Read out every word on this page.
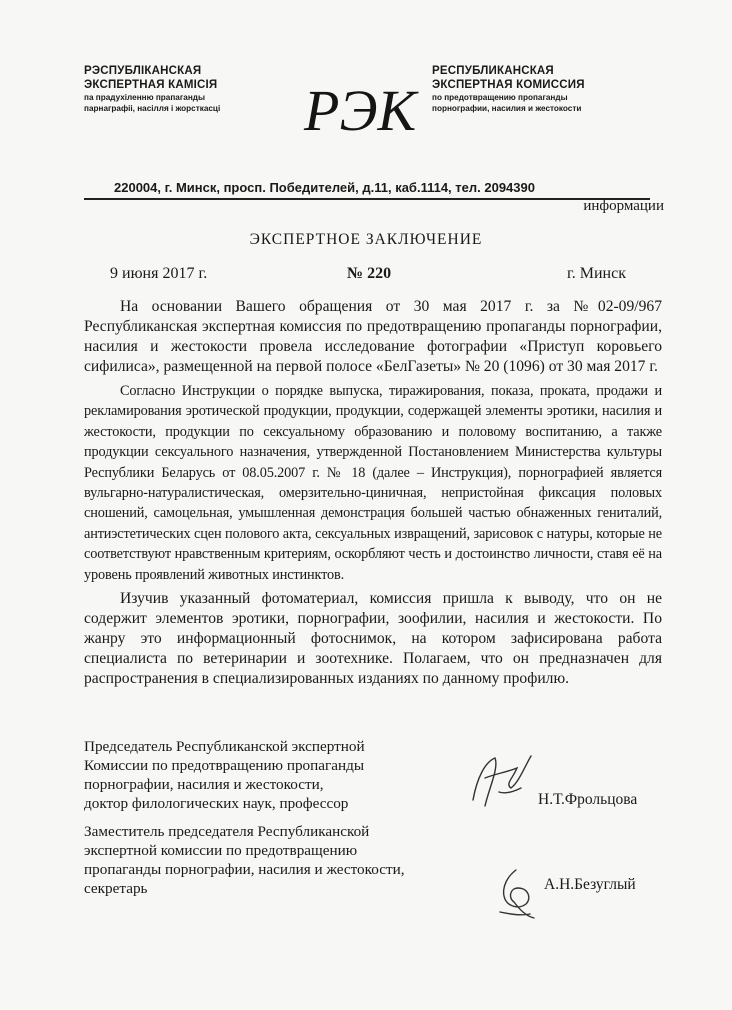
РЭСПУБЛІКАНСКАЯ
ЭКСПЕРТНАЯ КАМІСІЯ
па прадухіленню прапаганды
парнаграфіі, насілля і жорсткасці	РЭК
РЕСПУБЛИКАНСКАЯ
ЭКСПЕРТНАЯ КОМИССИЯ
по предотвращению пропаганды
порнографии, насилия и жестокости
220004, г. Минск, просп. Победителей, д.11, каб.1114, тел. 2094390
информации
ЭКСПЕРТНОЕ ЗАКЛЮЧЕНИЕ
9 июня 2017 г.	№ 220	г. Минск

На основании Вашего обращения от 30 мая 2017 г. за №02-09/967 Республиканская экспертная комиссия по предотвращению пропаганды порнографии, насилия и жестокости провела исследование фотографии «Приступ коровьего сифилиса», размещенной на первой полосе «БелГазеты» № 20 (1096) от 30 мая 2017 г.

Согласно Инструкции о порядке выпуска, тиражирования, показа, проката, продажи и рекламирования эротической продукции, продукции, содержащей элементы эротики, насилия и жестокости, продукции по сексуальному образованию и половому воспитанию, а также продукции сексуального назначения, утвержденной Постановлением Министерства культуры Республики Беларусь от 08.05.2007 г. № 18 (далее – Инструкция), порнографией является вульгарно-натуралистическая, омерзительно-циничная, непристойная фиксация половых сношений, самоцельная, умышленная демонстрация большей частью обнаженных гениталий, антиэстетических сцен полового акта, сексуальных извращений, зарисовок с натуры, которые не соответствуют нравственным критериям, оскорбляют честь и достоинство личности, ставя её на уровень проявлений животных инстинктов.

Изучив указанный фотоматериал, комиссия пришла к выводу, что он не содержит элементов эротики, порнографии, зоофилии, насилия и жестокости. По жанру это информационный фотоснимок, на котором зафисирована работа специалиста по ветеринарии и зоотехнике. Полагаем, что он предназначен для распространения в специализированных изданиях по данному профилю.

Председатель Республиканской экспертной
Комиссии по предотвращению пропаганды
порнографии, насилия и жестокости,
доктор филологических наук, профессор	Н.Т.Фрольцова
Заместитель председателя Республиканской
экспертной комиссии по предотвращению
пропаганды порнографии, насилия и жестокости,
секретарь	А.Н.Безуглый
